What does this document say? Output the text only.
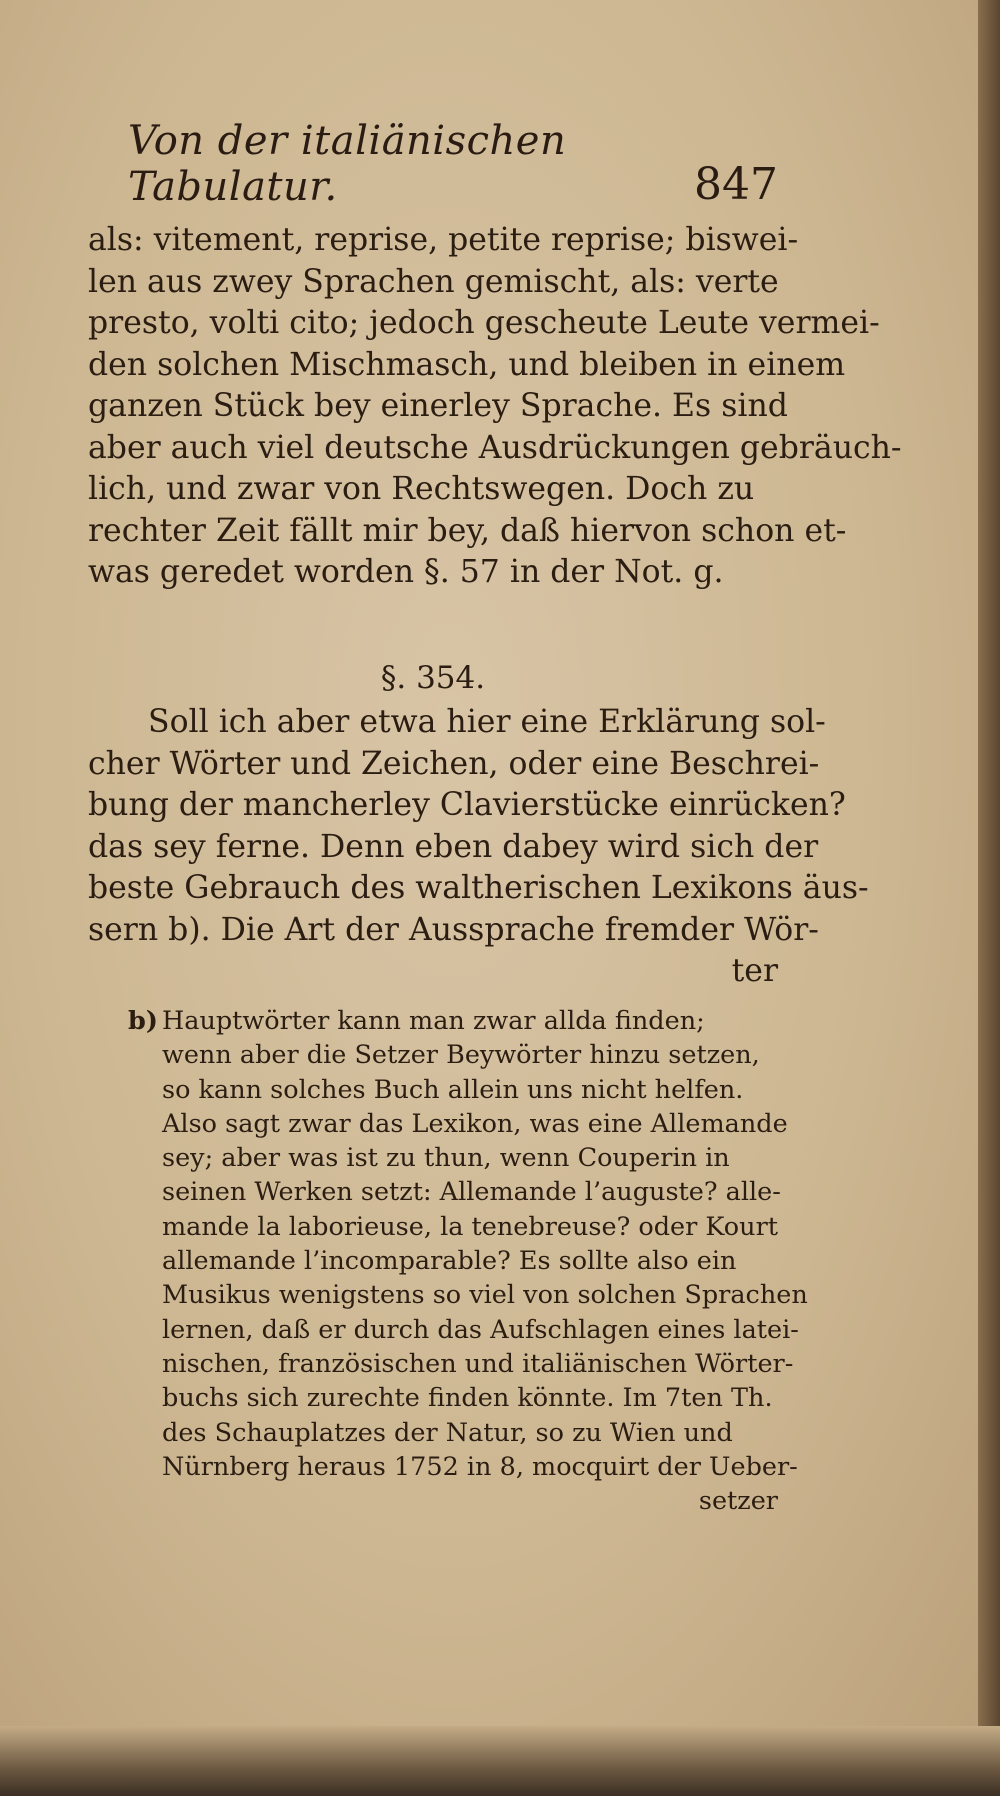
Von der italiänischen Tabulatur.	847
als: vitement, reprise, petite reprise; biswei-
len aus zwey Sprachen gemischt, als: verte
presto, volti cito; jedoch gescheute Leute vermei-
den solchen Mischmasch, und bleiben in einem
ganzen Stück bey einerley Sprache. Es sind
aber auch viel deutsche Ausdrückungen gebräuch-
lich, und zwar von Rechtswegen. Doch zu
rechter Zeit fällt mir bey, daß hiervon schon et-
was geredet worden §. 57 in der Not. g.
§. 354.
Soll ich aber etwa hier eine Erklärung sol-
cher Wörter und Zeichen, oder eine Beschrei-
bung der mancherley Clavierstücke einrücken?
das sey ferne. Denn eben dabey wird sich der
beste Gebrauch des waltherischen Lexikons äus-
sern b). Die Art der Aussprache fremder Wör-
ter
b) Hauptwörter kann man zwar allda finden;
wenn aber die Setzer Beywörter hinzu setzen,
so kann solches Buch allein uns nicht helfen.
Also sagt zwar das Lexikon, was eine Allemande
sey; aber was ist zu thun, wenn Couperin in
seinen Werken setzt: Allemande l’auguste? alle-
mande la laborieuse, la tenebreuse? oder Kourt
allemande l’incomparable? Es sollte also ein
Musikus wenigstens so viel von solchen Sprachen
lernen, daß er durch das Aufschlagen eines latei-
nischen, französischen und italiänischen Wörter-
buchs sich zurechte finden könnte. Im 7ten Th.
des Schauplatzes der Natur, so zu Wien und
Nürnberg heraus 1752 in 8, mocquirt der Ueber-
setzer
